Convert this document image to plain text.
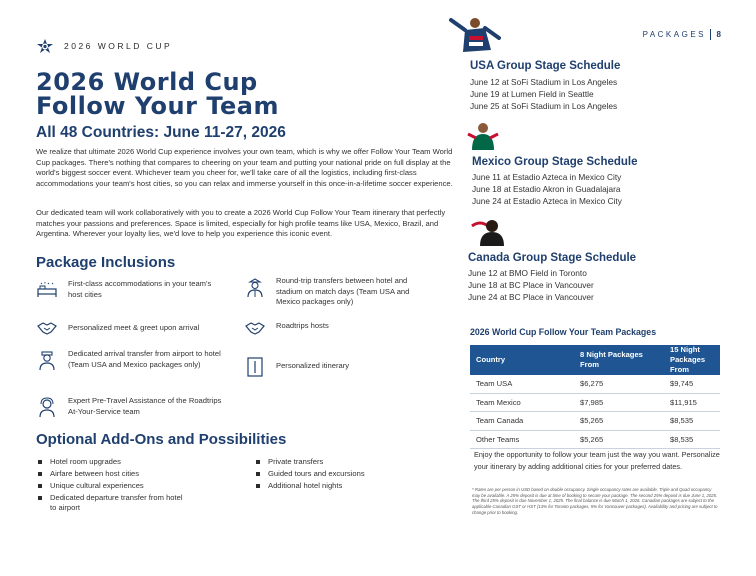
2026 WORLD CUP
PACKAGES 8
2026 World Cup
Follow Your Team
All 48 Countries: June 11-27, 2026

We realize that ultimate 2026 World Cup experience involves your own team, which is why we offer Follow Your Team World Cup packages. There's nothing that compares to cheering on your team and putting your national pride on full display at the world's biggest soccer event. Whichever team you cheer for, we'll take care of all the logistics, including first-class accommodations your team's host cities, so you can relax and immerse yourself in this once-in-a-lifetime soccer experience.

Our dedicated team will work collaboratively with you to create a 2026 World Cup Follow Your Team itinerary that perfectly matches your passions and preferences. Space is limited, especially for high profile teams like USA, Mexico, Brazil, and Argentina. Wherever your loyalty lies, we'd love to help you experience this iconic event.

Package Inclusions
First-class accommodations in your team's host cities
Personalized meet & greet upon arrival
Dedicated arrival transfer from airport to hotel (Team USA and Mexico packages only)
Expert Pre-Travel Assistance of the Roadtrips At-Your-Service team
Round-trip transfers between hotel and stadium on match days (Team USA and Mexico packages only)
Roadtrips hosts
Personalized itinerary
Optional Add-Ons and Possibilities
Hotel room upgrades
Airfare between host cities
Unique cultural experiences
Dedicated departure transfer from hotel to airport
Private transfers
Guided tours and excursions
Additional hotel nights
USA Group Stage Schedule
June 12 at SoFi Stadium in Los Angeles
June 19 at Lumen Field in Seattle
June 25 at SoFi Stadium in Los Angeles
Mexico Group Stage Schedule
June 11 at Estadio Azteca in Mexico City
June 18 at Estadio Akron in Guadalajara
June 24 at Estadio Azteca in Mexico City
Canada Group Stage Schedule
June 12 at BMO Field in Toronto
June 18 at BC Place in Vancouver
June 24 at BC Place in Vancouver
2026 World Cup Follow Your Team Packages
Country	8 Night Packages From	15 Night Packages From
Team USA	$6,275	$9,745
Team Mexico	$7,985	$11,915
Team Canada	$5,265	$8,535
Other Teams	$5,265	$8,535
Enjoy the opportunity to follow your team just the way you want. Personalize your itinerary by adding additional cities for your preferred dates.
* Rates are per person in USD based on double occupancy. Single occupancy rates are available. Triple and Quad occupancy may be available. A 25% deposit is due at time of booking to secure your package. The second 25% deposit is due June 1, 2025. The third 25% deposit is due November 1, 2025. The final balance is due March 1, 2026. Canadian packages are subject to the applicable Canadian GST or HST (13% for Toronto packages, 5% for Vancouver packages). Availability and pricing are subject to change prior to booking.
